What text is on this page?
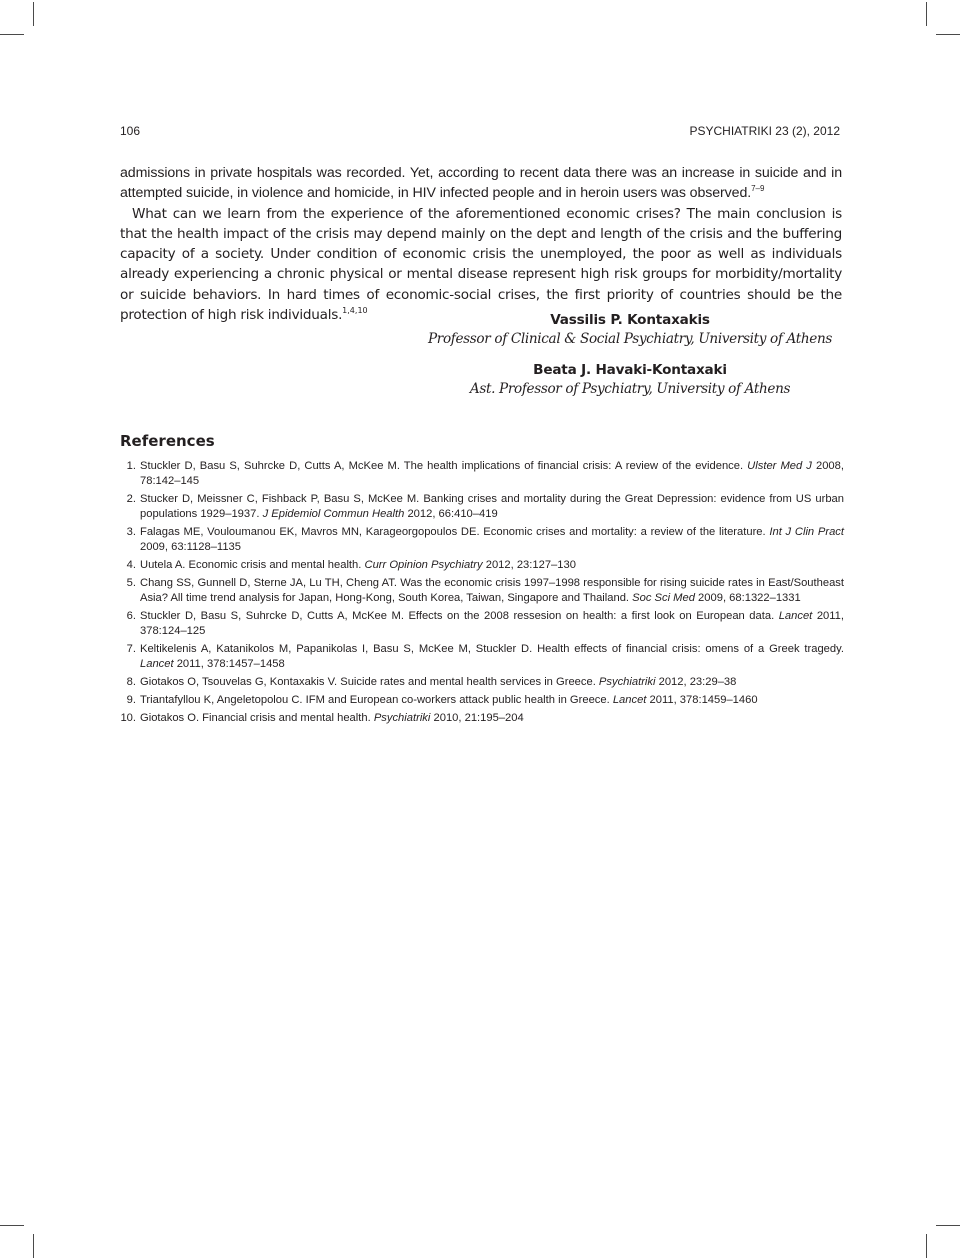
106	PSYCHIATRIKI 23 (2), 2012

admissions in private hospitals was recorded. Yet, according to recent data there was an increase in suicide and in attempted suicide, in violence and homicide, in HIV infected people and in heroin users was observed.$^{7-9}$

What can we learn from the experience of the aforementioned economic crises? The main conclusion is that the health impact of the crisis may depend mainly on the dept and length of the crisis and the buffering capacity of a society. Under condition of economic crisis the unemployed, the poor as well as individuals already experiencing a chronic physical or mental disease represent high risk groups for morbidity/mortality or suicide behaviors. In hard times of economic-social crises, the first priority of countries should be the protection of high risk individuals.$^{1,4,10}$

Vassilis P. Kontaxakis
Professor of Clinical & Social Psychiatry, University of Athens
Beata J. Havaki-Kontaxaki
Ast. Professor of Psychiatry, University of Athens
References
1. Stuckler D, Basu S, Suhrcke D, Cutts A, McKee M. The health implications of financial crisis: A review of the evidence. Ulster Med J 2008, 78:142–145
2. Stucker D, Meissner C, Fishback P, Basu S, McKee M. Banking crises and mortality during the Great Depression: evidence from US urban populations 1929–1937. J Epidemiol Commun Health 2012, 66:410–419
3. Falagas ME, Vouloumanou EK, Mavros MN, Karageorgopoulos DE. Economic crises and mortality: a review of the literature. Int J Clin Pract 2009, 63:1128–1135
4. Uutela A. Economic crisis and mental health. Curr Opinion Psychiatry 2012, 23:127–130
5. Chang SS, Gunnell D, Sterne JA, Lu TH, Cheng AT. Was the economic crisis 1997–1998 responsible for rising suicide rates in East/Southeast Asia? All time trend analysis for Japan, Hong-Kong, South Korea, Taiwan, Singapore and Thailand. Soc Sci Med 2009, 68:1322–1331
6. Stuckler D, Basu S, Suhrcke D, Cutts A, McKee M. Effects on the 2008 ressesion on health: a first look on European data. Lancet 2011, 378:124–125
7. Keltikelenis A, Katanikolos M, Papanikolas I, Basu S, McKee M, Stuckler D. Health effects of financial crisis: omens of a Greek tragedy. Lancet 2011, 378:1457–1458
8. Giotakos O, Tsouvelas G, Kontaxakis V. Suicide rates and mental health services in Greece. Psychiatriki 2012, 23:29–38
9. Triantafyllou K, Angeletopolou C. IFM and European co-workers attack public health in Greece. Lancet 2011, 378:1459–1460
10. Giotakos O. Financial crisis and mental health. Psychiatriki 2010, 21:195–204
